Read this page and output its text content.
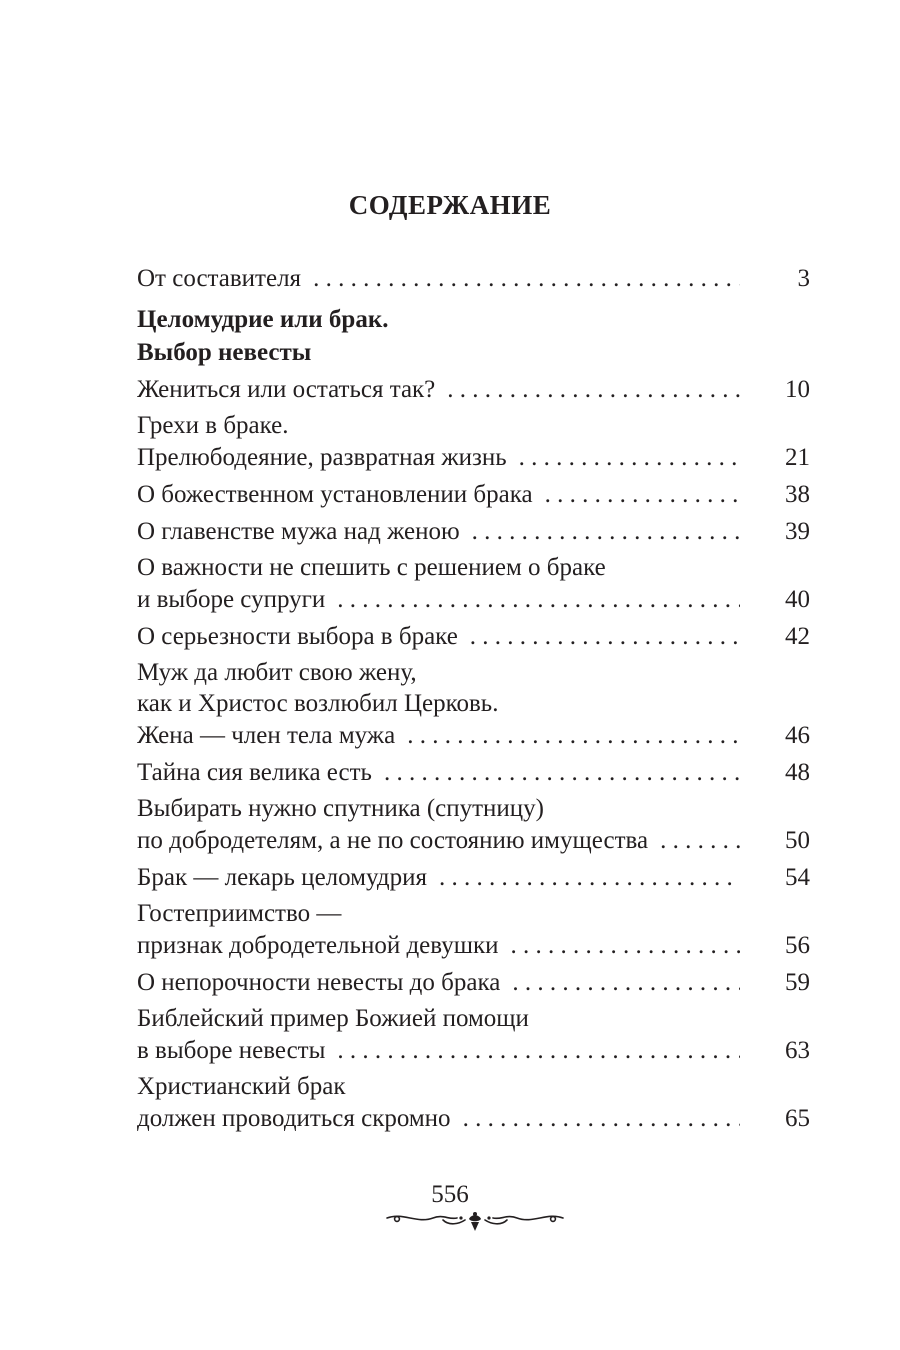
СОДЕРЖАНИЕ
От составителя . . .	3
Целомудрие или брак.
Выбор невесты
Жениться или остаться так? . . .	10
Грехи в браке.
Прелюбодеяние, развратная жизнь . . .	21
О божественном установлении брака . . .	38
О главенстве мужа над женою . . .	39
О важности не спешить с решением о браке
и выборе супруги . . .	40
О серьезности выбора в браке . . .	42
Муж да любит свою жену,
как и Христос возлюбил Церковь.
Жена — член тела мужа . . .	46
Тайна сия велика есть . . .	48
Выбирать нужно спутника (спутницу)
по добродетелям, а не по состоянию имущества . . .	50
Брак — лекарь целомудрия . . .	54
Гостеприимство —
признак добродетельной девушки . . .	56
О непорочности невесты до брака . . .	59
Библейский пример Божией помощи
в выборе невесты . . .	63
Христианский брак
должен проводиться скромно . . .	65
556
